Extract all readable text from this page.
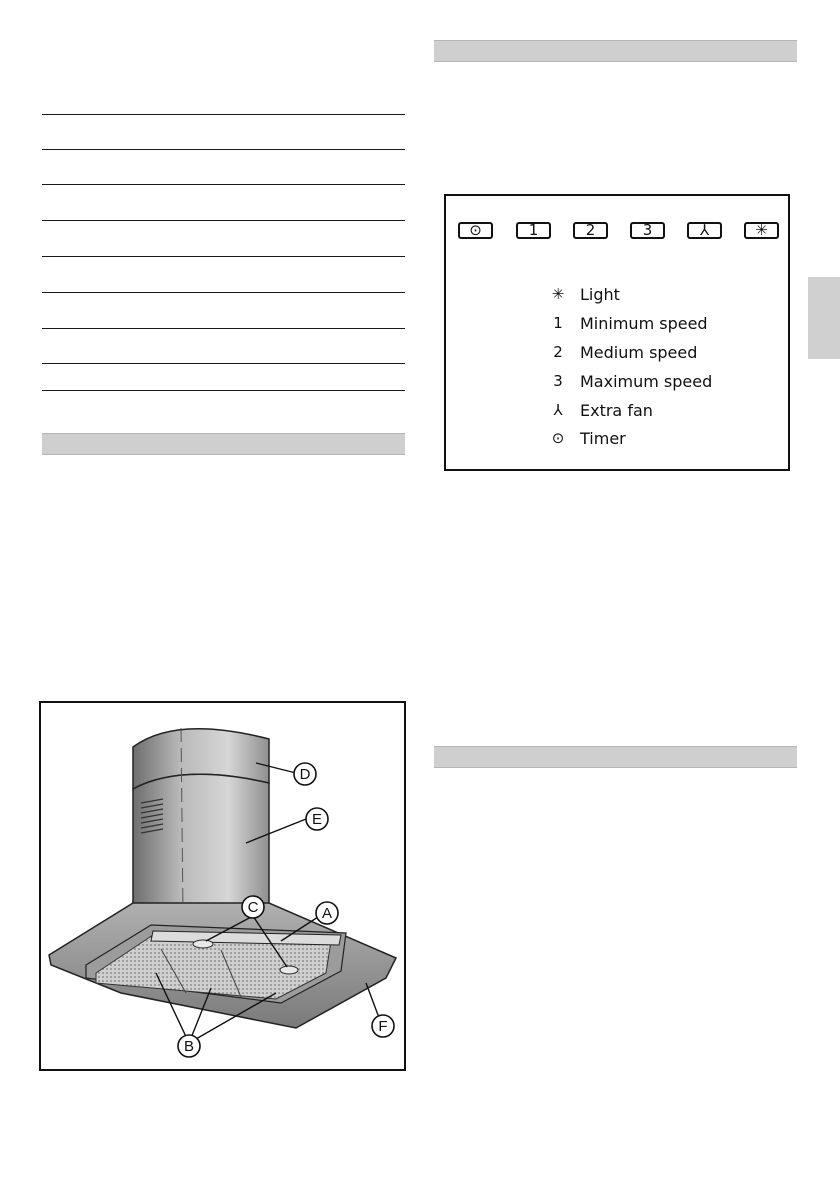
⊙	1	2	3	⅄	✳
✳ Light
1	Minimum speed
2	Medium speed
3	Maximum speed
⅄	Extra fan
⊙ Timer
D
E
C	A
F
B
